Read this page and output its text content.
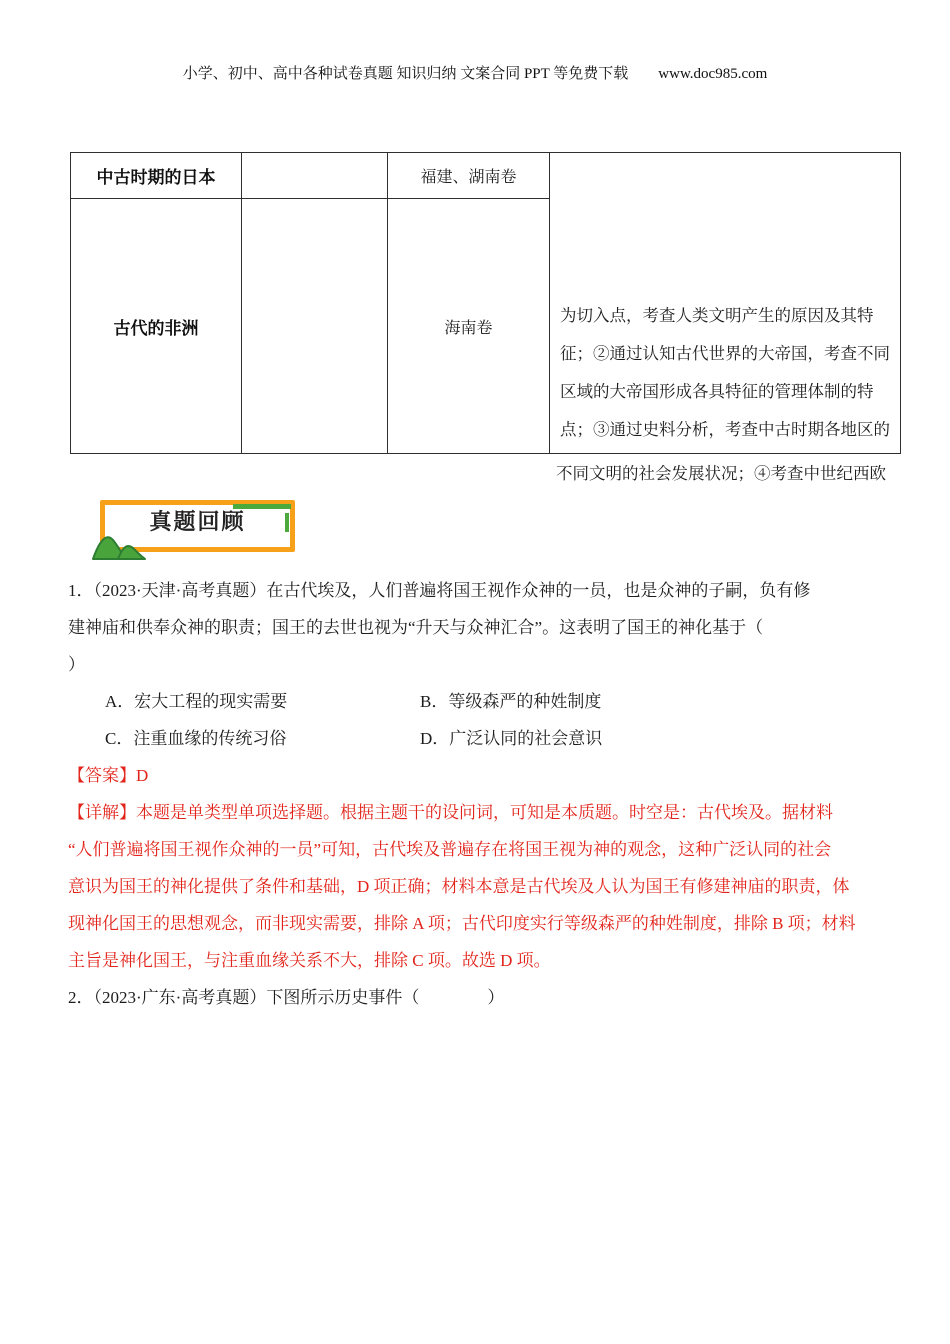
小学、初中、高中各种试卷真题 知识归纳 文案合同 PPT 等免费下载　　www.doc985.com
中古时期的日本		福建、湖南卷	为切入点，考查人类文明产生的原因及其特
征；②通过认知古代世界的大帝国，考查不同
区域的大帝国形成各具特征的管理体制的特
点；③通过史料分析，考查中古时期各地区的

古代的非洲		海南卷	
不同文明的社会发展状况；④考查中世纪西欧
真题回顾
1．（2023·天津·高考真题）在古代埃及，人们普遍将国王视作众神的一员，也是众神的子嗣，负有修
建神庙和供奉众神的职责；国王的去世也视为“升天与众神汇合”。这表明了国王的神化基于（
）
A．宏大工程的现实需要	B．等级森严的种姓制度
C．注重血缘的传统习俗	D．广泛认同的社会意识
【答案】D
【详解】本题是单类型单项选择题。根据主题干的设问词，可知是本质题。时空是：古代埃及。据材料
“人们普遍将国王视作众神的一员”可知，古代埃及普遍存在将国王视为神的观念，这种广泛认同的社会
意识为国王的神化提供了条件和基础，D 项正确；材料本意是古代埃及人认为国王有修建神庙的职责，体
现神化国王的思想观念，而非现实需要，排除 A 项；古代印度实行等级森严的种姓制度，排除 B 项；材料
主旨是神化国王，与注重血缘关系不大，排除 C 项。故选 D 项。
2．（2023·广东·高考真题）下图所示历史事件（　　　　）
